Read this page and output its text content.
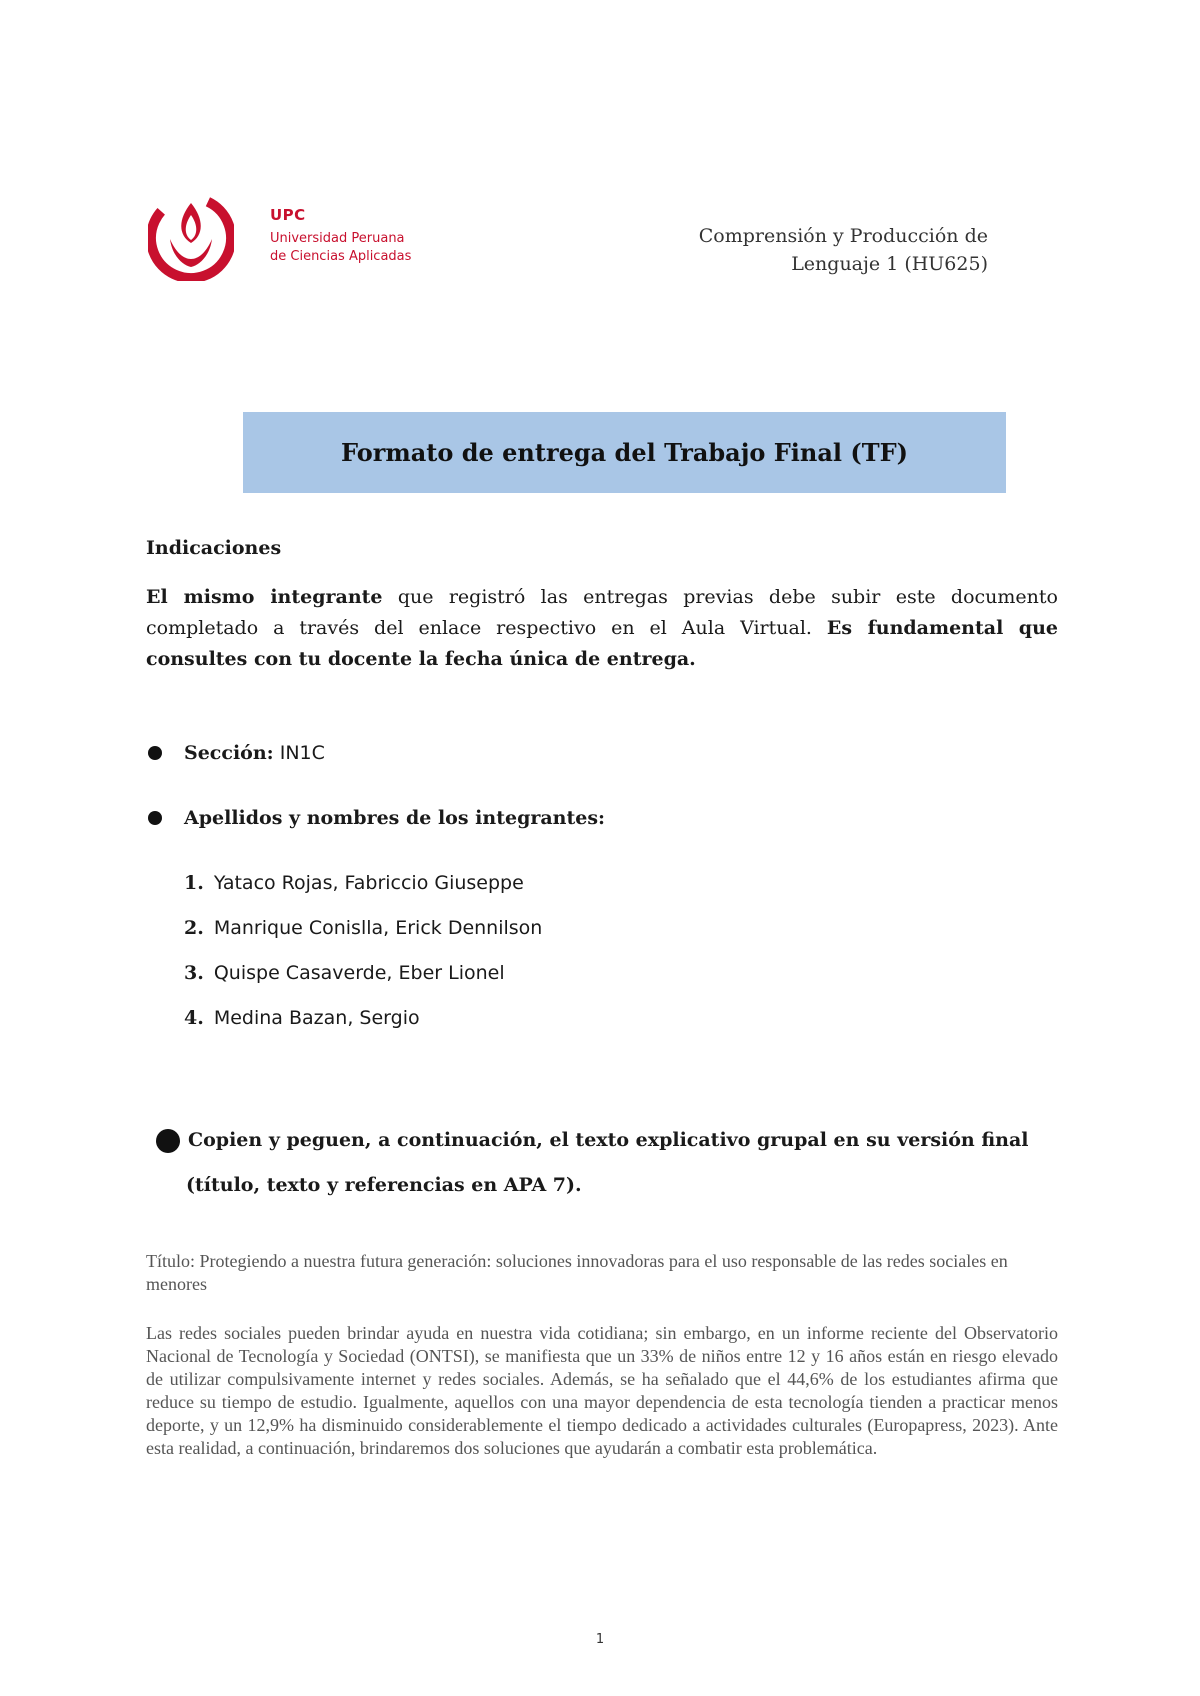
UPC
Universidad Peruana
de Ciencias Aplicadas
Comprensión y Producción de
Lenguaje 1 (HU625)
Formato de entrega del Trabajo Final (TF)
Indicaciones
El mismo integrante que registró las entregas previas debe subir este documento completado a través del enlace respectivo en el Aula Virtual. Es fundamental que consultes con tu docente la fecha única de entrega.
Sección: IN1C
Apellidos y nombres de los integrantes:
1. Yataco Rojas, Fabriccio Giuseppe
2. Manrique Conislla, Erick Dennilson
3. Quispe Casaverde, Eber Lionel
4. Medina Bazan, Sergio
Copien y peguen, a continuación, el texto explicativo grupal en su versión final
(título, texto y referencias en APA 7).
Título: Protegiendo a nuestra futura generación: soluciones innovadoras para el uso responsable de las redes sociales en menores
Las redes sociales pueden brindar ayuda en nuestra vida cotidiana; sin embargo, en un informe reciente del Observatorio Nacional de Tecnología y Sociedad (ONTSI), se manifiesta que un 33% de niños entre 12 y 16 años están en riesgo elevado de utilizar compulsivamente internet y redes sociales. Además, se ha señalado que el 44,6% de los estudiantes afirma que reduce su tiempo de estudio. Igualmente, aquellos con una mayor dependencia de esta tecnología tienden a practicar menos deporte, y un 12,9% ha disminuido considerablemente el tiempo dedicado a actividades culturales (Europapress, 2023). Ante esta realidad, a continuación, brindaremos dos soluciones que ayudarán a combatir esta problemática.
1
